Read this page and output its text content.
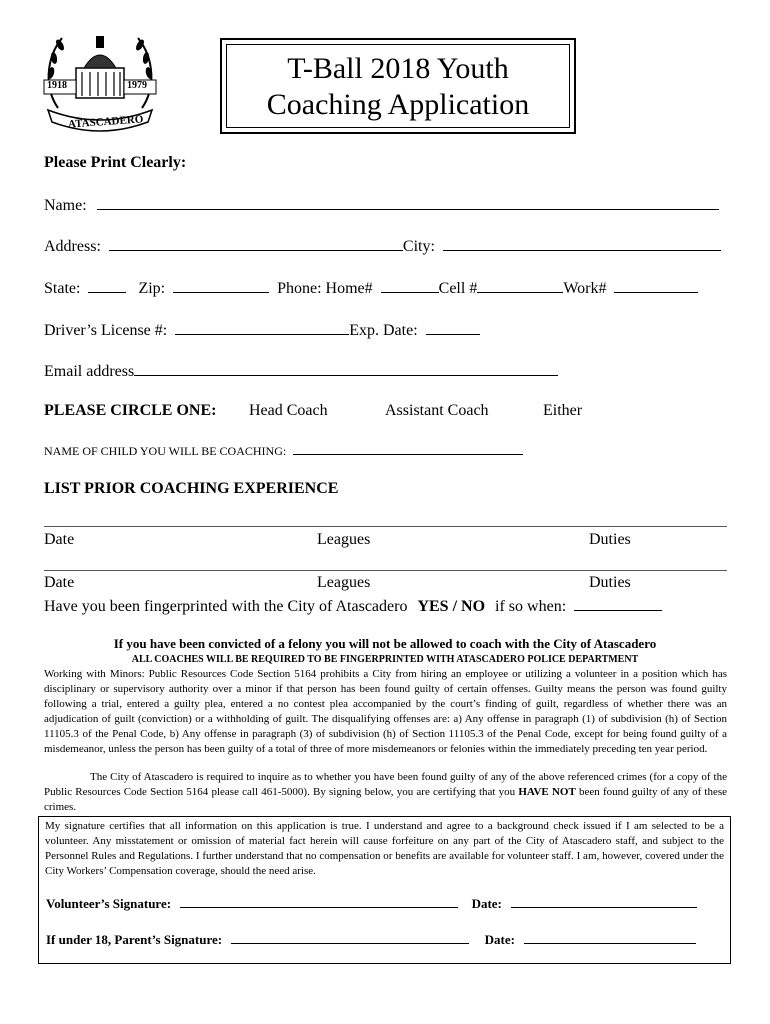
1918	1979
ATASCADERO
T-Ball 2018 Youth
Coaching Application
Please Print Clearly:
Name:
Address:	City:
State:	Zip:	Phone: Home#	Cell #	Work#
Driver’s License #:	Exp. Date:
Email address
PLEASE CIRCLE ONE: Head Coach	Assistant Coach	Either
NAME OF CHILD YOU WILL BE COACHING:
LIST PRIOR COACHING EXPERIENCE
Date	Leagues	Duties
Date	Leagues	Duties
Have you been fingerprinted with the City of Atascadero YES / NO if so when:
If you have been convicted of a felony you will not be allowed to coach with the City of Atascadero
ALL COACHES WILL BE REQUIRED TO BE FINGERPRINTED WITH ATASCADERO POLICE DEPARTMENT
Working with Minors: Public Resources Code Section 5164 prohibits a City from hiring an employee or utilizing a volunteer in a position which has disciplinary or supervisory authority over a minor if that person has been found guilty of certain offenses. Guilty means the person was found guilty following a trial, entered a guilty plea, entered a no contest plea accompanied by the court’s finding of guilt, regardless of whether there was an adjudication of guilt (conviction) or a withholding of guilt. The disqualifying offenses are: a) Any offense in paragraph (1) of subdivision (h) of Section 11105.3 of the Penal Code, b) Any offense in paragraph (3) of subdivision (h) of Section 11105.3 of the Penal Code, except for being found guilty of a misdemeanor, unless the person has been guilty of a total of three of more misdemeanors or felonies within the immediately preceding ten year period.
The City of Atascadero is required to inquire as to whether you have been found guilty of any of the above referenced crimes (for a copy of the Public Resources Code Section 5164 please call 461-5000). By signing below, you are certifying that you HAVE NOT been found guilty of any of these crimes.
My signature certifies that all information on this application is true. I understand and agree to a background check issued if I am selected to be a volunteer. Any misstatement or omission of material fact herein will cause forfeiture on any part of the City of Atascadero staff, and subject to the Personnel Rules and Regulations. I further understand that no compensation or benefits are available for volunteer staff. I am, however, covered under the City Workers’ Compensation coverage, should the need arise.
Volunteer’s Signature:	Date:
If under 18, Parent’s Signature:	Date:
